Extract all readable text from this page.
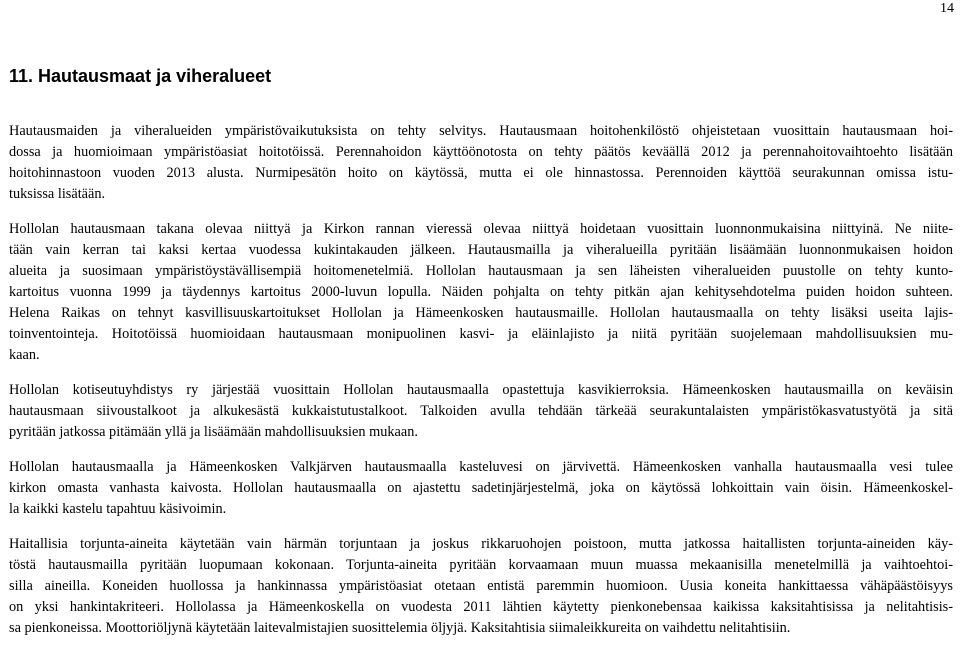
14
11. Hautausmaat ja viheralueet

Hautausmaiden ja viheralueiden ympäristövaikutuksista on tehty selvitys. Hautausmaan hoitohenkilöstö ohjeistetaan vuosittain hautausmaan hoi-
dossa ja huomioimaan ympäristöasiat hoitotöissä. Perennahoidon käyttöönotosta on tehty päätös keväällä 2012 ja perennahoitovaihtoehto lisätään
hoitohinnastoon vuoden 2013 alusta. Nurmipesätön hoito on käytössä, mutta ei ole hinnastossa. Perennoiden käyttöä seurakunnan omissa istu-
tuksissa lisätään.

Hollolan hautausmaan takana olevaa niittyä ja Kirkon rannan vieressä olevaa niittyä hoidetaan vuosittain luonnonmukaisina niittyinä. Ne niite-
tään vain kerran tai kaksi kertaa vuodessa kukintakauden jälkeen. Hautausmailla ja viheralueilla pyritään lisäämään luonnonmukaisen hoidon
alueita ja suosimaan ympäristöystävällisempiä hoitomenetelmiä. Hollolan hautausmaan ja sen läheisten viheralueiden puustolle on tehty kunto-
kartoitus vuonna 1999 ja täydennys kartoitus 2000-luvun lopulla. Näiden pohjalta on tehty pitkän ajan kehitysehdotelma puiden hoidon suhteen.
Helena Raikas on tehnyt kasvillisuuskartoitukset Hollolan ja Hämeenkosken hautausmaille. Hollolan hautausmaalla on tehty lisäksi useita lajis-
toinventointeja. Hoitotöissä huomioidaan hautausmaan monipuolinen kasvi- ja eläinlajisto ja niitä pyritään suojelemaan mahdollisuuksien mu-
kaan.

Hollolan kotiseutuyhdistys ry järjestää vuosittain Hollolan hautausmaalla opastettuja kasvikierroksia. Hämeenkosken hautausmailla on keväisin
hautausmaan siivoustalkoot ja alkukesästä kukkaistutustalkoot. Talkoiden avulla tehdään tärkeää seurakuntalaisten ympäristökasvatustyötä ja sitä
pyritään jatkossa pitämään yllä ja lisäämään mahdollisuuksien mukaan.

Hollolan hautausmaalla ja Hämeenkosken Valkjärven hautausmaalla kasteluvesi on järvivettä. Hämeenkosken vanhalla hautausmaalla vesi tulee
kirkon omasta vanhasta kaivosta. Hollolan hautausmaalla on ajastettu sadetinjärjestelmä, joka on käytössä lohkoittain vain öisin. Hämeenkoskel-
la kaikki kastelu tapahtuu käsivoimin.

Haitallisia torjunta-aineita käytetään vain härmän torjuntaan ja joskus rikkaruohojen poistoon, mutta jatkossa haitallisten torjunta-aineiden käy-
töstä hautausmailla pyritään luopumaan kokonaan. Torjunta-aineita pyritään korvaamaan muun muassa mekaanisilla menetelmillä ja vaihtoehtoi-
silla aineilla. Koneiden huollossa ja hankinnassa ympäristöasiat otetaan entistä paremmin huomioon. Uusia koneita hankittaessa vähäpäästöisyys
on yksi hankintakriteeri. Hollolassa ja Hämeenkoskella on vuodesta 2011 lähtien käytetty pienkonebensaa kaikissa kaksitahtisissa ja nelitahtisis-
sa pienkoneissa. Moottoriöljynä käytetään laitevalmistajien suosittelemia öljyjä. Kaksitahtisia siimaleikkureita on vaihdettu nelitahtisiin.
